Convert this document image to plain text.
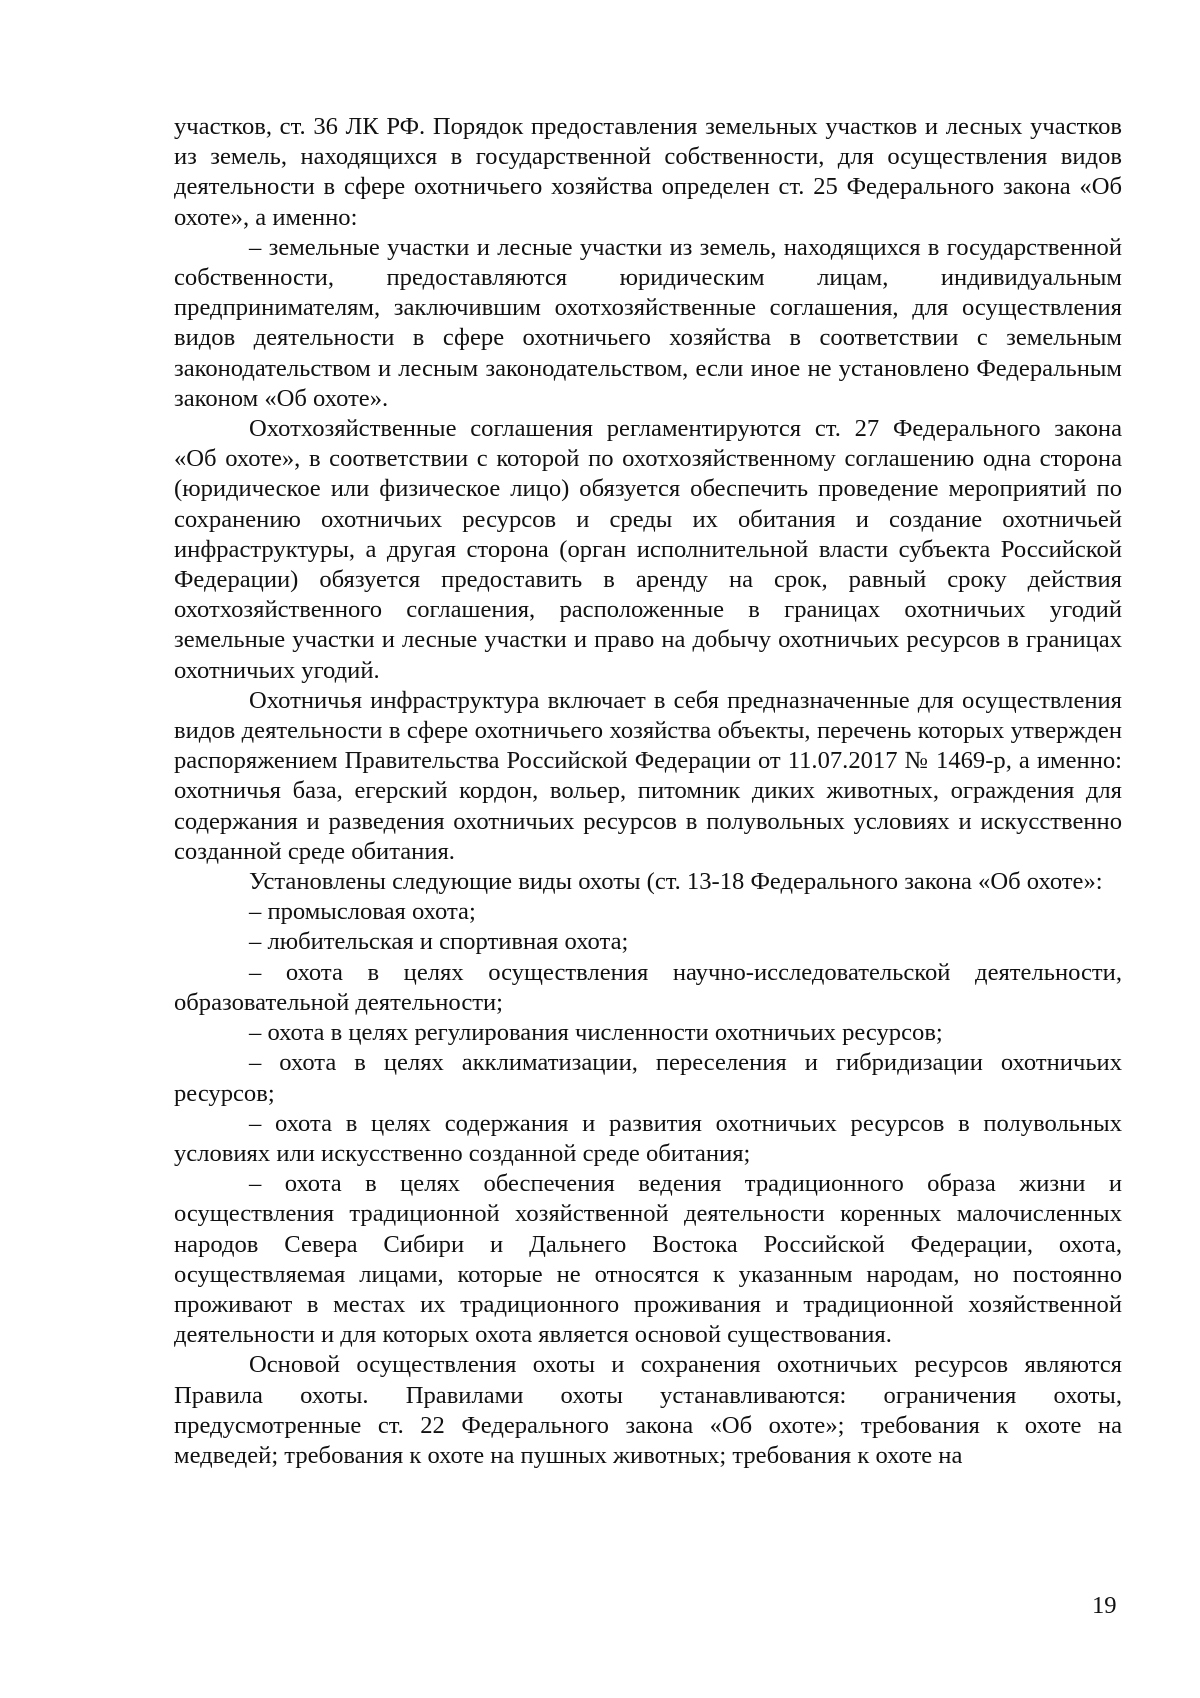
участков, ст. 36 ЛК РФ. Порядок предоставления земельных участков и лесных участков из земель, находящихся в государственной собственности, для осуществления видов деятельности в сфере охотничьего хозяйства определен ст. 25 Федерального закона «Об охоте», а именно:

– земельные участки и лесные участки из земель, находящихся в государственной собственности, предоставляются юридическим лицам, индивидуальным предпринимателям, заключившим охотхозяйственные соглашения, для осуществления видов деятельности в сфере охотничьего хозяйства в соответствии с земельным законодательством и лесным законодательством, если иное не установлено Федеральным законом «Об охоте».

Охотхозяйственные соглашения регламентируются ст. 27 Федерального закона «Об охоте», в соответствии с которой по охотхозяйственному соглашению одна сторона (юридическое или физическое лицо) обязуется обеспечить проведение мероприятий по сохранению охотничьих ресурсов и среды их обитания и создание охотничьей инфраструктуры, а другая сторона (орган исполнительной власти субъекта Российской Федерации) обязуется предоставить в аренду на срок, равный сроку действия охотхозяйственного соглашения, расположенные в границах охотничьих угодий земельные участки и лесные участки и право на добычу охотничьих ресурсов в границах охотничьих угодий.

Охотничья инфраструктура включает в себя предназначенные для осуществления видов деятельности в сфере охотничьего хозяйства объекты, перечень которых утвержден распоряжением Правительства Российской Федерации от 11.07.2017 № 1469-р, а именно: охотничья база, егерский кордон, вольер, питомник диких животных, ограждения для содержания и разведения охотничьих ресурсов в полувольных условиях и искусственно созданной среде обитания.

Установлены следующие виды охоты (ст. 13-18 Федерального закона «Об охоте»:

– промысловая охота;

– любительская и спортивная охота;

– охота в целях осуществления научно-исследовательской деятельности, образовательной деятельности;

– охота в целях регулирования численности охотничьих ресурсов;

– охота в целях акклиматизации, переселения и гибридизации охотничьих ресурсов;

– охота в целях содержания и развития охотничьих ресурсов в полувольных условиях или искусственно созданной среде обитания;

– охота в целях обеспечения ведения традиционного образа жизни и осуществления традиционной хозяйственной деятельности коренных малочисленных народов Севера Сибири и Дальнего Востока Российской Федерации, охота, осуществляемая лицами, которые не относятся к указанным народам, но постоянно проживают в местах их традиционного проживания и традиционной хозяйственной деятельности и для которых охота является основой существования.

Основой осуществления охоты и сохранения охотничьих ресурсов являются Правила охоты. Правилами охоты устанавливаются: ограничения охоты, предусмотренные ст. 22 Федерального закона «Об охоте»; требования к охоте на медведей; требования к охоте на пушных животных; требования к охоте на

19
